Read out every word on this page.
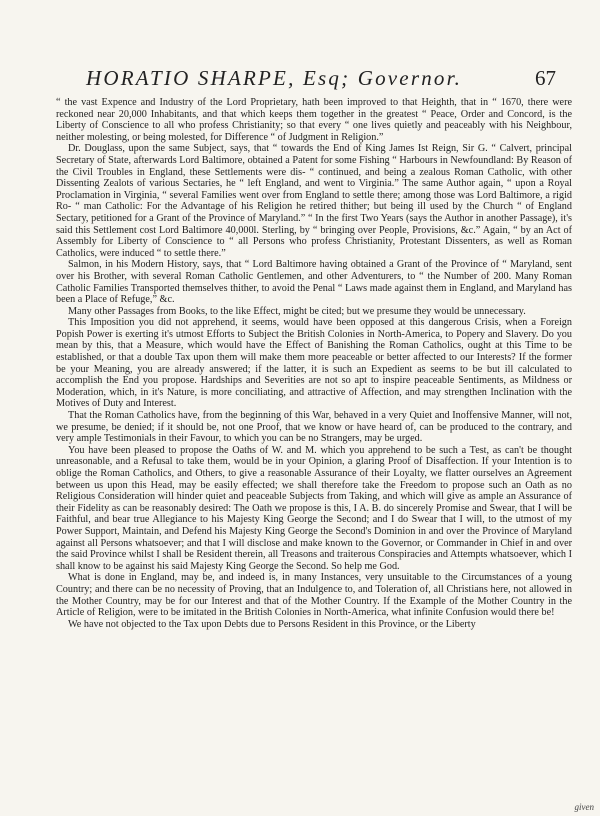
HORATIO SHARPE, Esq; Governor.	67

“ the vast Expence and Industry of the Lord Proprietary, hath been improved to that Heighth, that in “ 1670, there were reckoned near 20,000 Inhabitants, and that which keeps them together in the greatest “ Peace, Order and Concord, is the Liberty of Conscience to all who profess Christianity; so that every “ one lives quietly and peaceably with his Neighbour, neither molesting, or being molested, for Difference “ of Judgment in Religion.”

Dr. Douglass, upon the same Subject, says, that “ towards the End of King James Ist Reign, Sir G. “ Calvert, principal Secretary of State, afterwards Lord Baltimore, obtained a Patent for some Fishing “ Harbours in Newfoundland: By Reason of the Civil Troubles in England, these Settlements were dis- “ continued, and being a zealous Roman Catholic, with other Dissenting Zealots of various Sectaries, he “ left England, and went to Virginia.” The same Author again, “ upon a Royal Proclamation in Virginia, “ several Families went over from England to settle there; among those was Lord Baltimore, a rigid Ro- “ man Catholic: For the Advantage of his Religion he retired thither; but being ill used by the Church “ of England Sectary, petitioned for a Grant of the Province of Maryland.” “ In the first Two Years (says the Author in another Passage), it's said this Settlement cost Lord Baltimore 40,000l. Sterling, by “ bringing over People, Provisions, &c.” Again, “ by an Act of Assembly for Liberty of Conscience to “ all Persons who profess Christianity, Protestant Dissenters, as well as Roman Catholics, were induced “ to settle there.”

Salmon, in his Modern History, says, that “ Lord Baltimore having obtained a Grant of the Province of “ Maryland, sent over his Brother, with several Roman Catholic Gentlemen, and other Adventurers, to “ the Number of 200. Many Roman Catholic Families Transported themselves thither, to avoid the Penal “ Laws made against them in England, and Maryland has been a Place of Refuge,” &c.

Many other Passages from Books, to the like Effect, might be cited; but we presume they would be unnecessary.

This Imposition you did not apprehend, it seems, would have been opposed at this dangerous Crisis, when a Foreign Popish Power is exerting it's utmost Efforts to Subject the British Colonies in North-America, to Popery and Slavery. Do you mean by this, that a Measure, which would have the Effect of Banishing the Roman Catholics, ought at this Time to be established, or that a double Tax upon them will make them more peaceable or better affected to our Interests? If the former be your Meaning, you are already answered; if the latter, it is such an Expedient as seems to be but ill calculated to accomplish the End you propose. Hardships and Severities are not so apt to inspire peaceable Sentiments, as Mildness or Moderation, which, in it's Nature, is more conciliating, and attractive of Affection, and may strengthen Inclination with the Motives of Duty and Interest.

That the Roman Catholics have, from the beginning of this War, behaved in a very Quiet and Inoffensive Manner, will not, we presume, be denied; if it should be, not one Proof, that we know or have heard of, can be produced to the contrary, and very ample Testimonials in their Favour, to which you can be no Strangers, may be urged.

You have been pleased to propose the Oaths of W. and M. which you apprehend to be such a Test, as can't be thought unreasonable, and a Refusal to take them, would be in your Opinion, a glaring Proof of Disaffection. If your Intention is to oblige the Roman Catholics, and Others, to give a reasonable Assurance of their Loyalty, we flatter ourselves an Agreement between us upon this Head, may be easily effected; we shall therefore take the Freedom to propose such an Oath as no Religious Consideration will hinder quiet and peaceable Subjects from Taking, and which will give as ample an Assurance of their Fidelity as can be reasonably desired: The Oath we propose is this, I A. B. do sincerely Promise and Swear, that I will be Faithful, and bear true Allegiance to his Majesty King George the Second; and I do Swear that I will, to the utmost of my Power Support, Maintain, and Defend his Majesty King George the Second's Dominion in and over the Province of Maryland against all Persons whatsoever; and that I will disclose and make known to the Governor, or Commander in Chief in and over the said Province whilst I shall be Resident therein, all Treasons and traiterous Conspiracies and Attempts whatsoever, which I shall know to be against his said Majesty King George the Second. So help me God.

What is done in England, may be, and indeed is, in many Instances, very unsuitable to the Circumstances of a young Country; and there can be no necessity of Proving, that an Indulgence to, and Toleration of, all Christians here, not allowed in the Mother Country, may be for our Interest and that of the Mother Country. If the Example of the Mother Country in the Article of Religion, were to be imitated in the British Colonies in North-America, what infinite Confusion would there be!

We have not objected to the Tax upon Debts due to Persons Resident in this Province, or the Liberty

given
